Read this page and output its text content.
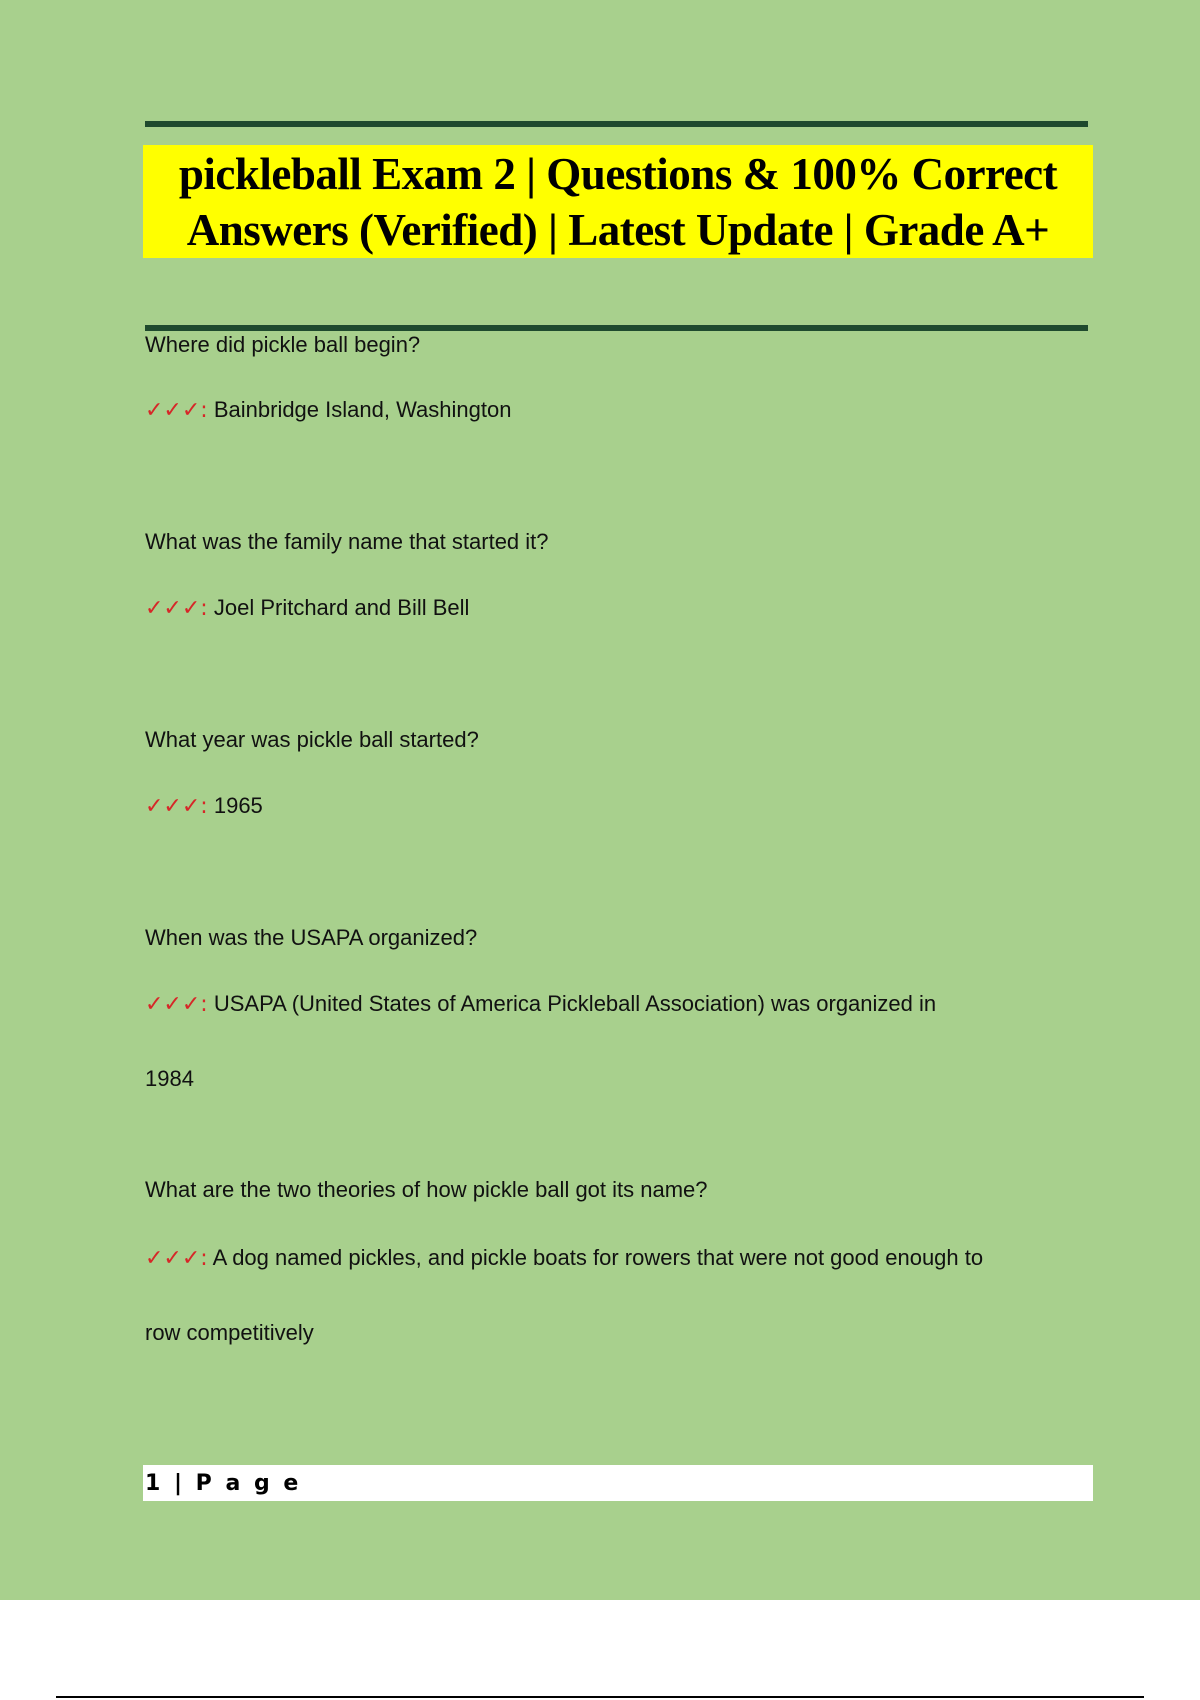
pickleball Exam 2 | Questions & 100% Correct Answers (Verified) | Latest Update | Grade A+

Where did pickle ball begin?

✓✓✓: Bainbridge Island, Washington

What was the family name that started it?

✓✓✓: Joel Pritchard and Bill Bell

What year was pickle ball started?

✓✓✓: 1965

When was the USAPA organized?

✓✓✓: USAPA (United States of America Pickleball Association) was organized in

1984

What are the two theories of how pickle ball got its name?

✓✓✓: A dog named pickles, and pickle boats for rowers that were not good enough to

row competitively

1 | P a g e
